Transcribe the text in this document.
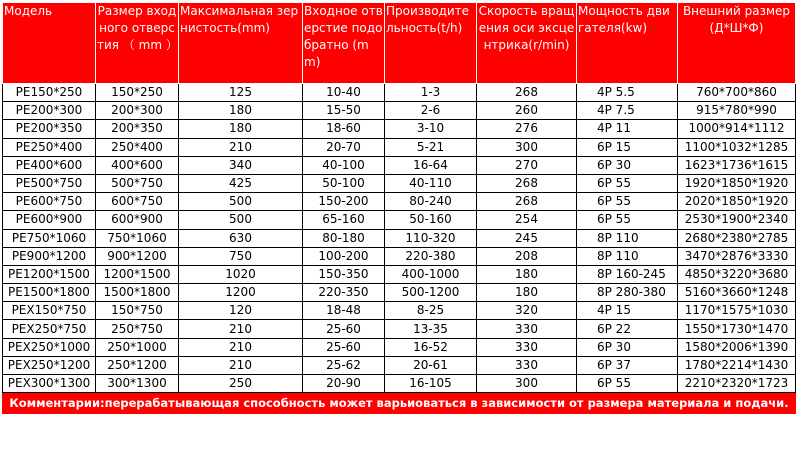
Модель	Размер входного отверстия （ mm ）	Максимальная зернистость(mm)	Входное отверстие подобратно (mm)	Производительность(t/h)	Скорость вращения оси эксцентрика(r/min)	Мощность двигателя(kw)	Внешний размер(Д*Ш*Ф)
PE150*250	150*250	125	10-40	1-3	268	4P 5.5	760*700*860
PE200*300	200*300	180	15-50	2-6	260	4P 7.5	915*780*990
PE200*350	200*350	180	18-60	3-10	276	4P 11	1000*914*1112
PE250*400	250*400	210	20-70	5-21	300	6P 15	1100*1032*1285
PE400*600	400*600	340	40-100	16-64	270	6P 30	1623*1736*1615
PE500*750	500*750	425	50-100	40-110	268	6P 55	1920*1850*1920
PE600*750	600*750	500	150-200	80-240	268	6P 55	2020*1850*1920
PE600*900	600*900	500	65-160	50-160	254	6P 55	2530*1900*2340
PE750*1060	750*1060	630	80-180	110-320	245	8P 110	2680*2380*2785
PE900*1200	900*1200	750	100-200	220-380	208	8P 110	3470*2876*3330
PE1200*1500	1200*1500	1020	150-350	400-1000	180	8P 160-245	4850*3220*3680
PE1500*1800	1500*1800	1200	220-350	500-1200	180	8P 280-380	5160*3660*1248
PEX150*750	150*750	120	18-48	8-25	320	4P 15	1170*1575*1030
PEX250*750	250*750	210	25-60	13-35	330	6P 22	1550*1730*1470
PEX250*1000	250*1000	210	25-60	16-52	330	6P 30	1580*2006*1390
PEX250*1200	250*1200	210	25-62	20-61	330	6P 37	1780*2214*1430
PEX300*1300	300*1300	250	20-90	16-105	300	6P 55	2210*2320*1723
Комментарии:перерабатывающая способность может варьиоваться в зависимости от размера материала и подачи.							
